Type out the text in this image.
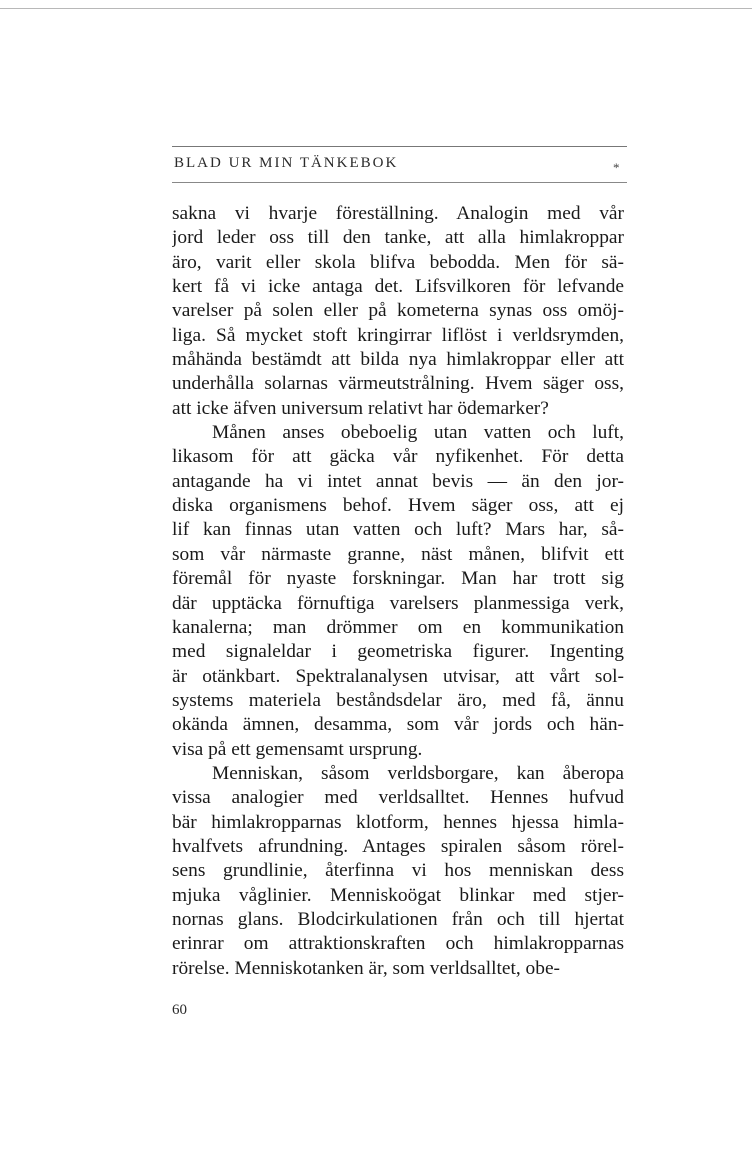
BLAD UR MIN TÄNKEBOK	*
sakna vi hvarje föreställning. Analogin med vår
jord leder oss till den tanke, att alla himlakroppar
äro, varit eller skola blifva bebodda. Men för sä-
kert få vi icke antaga det. Lifsvilkoren för lefvande
varelser på solen eller på kometerna synas oss omöj-
liga. Så mycket stoft kringirrar liflöst i verldsrymden,
måhända bestämdt att bilda nya himlakroppar eller att
underhålla solarnas värmeutstrålning. Hvem säger oss,
att icke äfven universum relativt har ödemarker?
Månen anses obeboelig utan vatten och luft,
likasom för att gäcka vår nyfikenhet. För detta
antagande ha vi intet annat bevis — än den jor-
diska organismens behof. Hvem säger oss, att ej
lif kan finnas utan vatten och luft? Mars har, så-
som vår närmaste granne, näst månen, blifvit ett
föremål för nyaste forskningar. Man har trott sig
där upptäcka förnuftiga varelsers planmessiga verk,
kanalerna; man drömmer om en kommunikation
med signaleldar i geometriska figurer. Ingenting
är otänkbart. Spektralanalysen utvisar, att vårt sol-
systems materiela beståndsdelar äro, med få, ännu
okända ämnen, desamma, som vår jords och hän-
visa på ett gemensamt ursprung.
Menniskan, såsom verldsborgare, kan åberopa
vissa analogier med verldsalltet. Hennes hufvud
bär himlakropparnas klotform, hennes hjessa himla-
hvalfvets afrundning. Antages spiralen såsom rörel-
sens grundlinie, återfinna vi hos menniskan dess
mjuka våglinier. Menniskoögat blinkar med stjer-
nornas glans. Blodcirkulationen från och till hjertat
erinrar om attraktionskraften och himlakropparnas
rörelse. Menniskotanken är, som verldsalltet, obe-
60
